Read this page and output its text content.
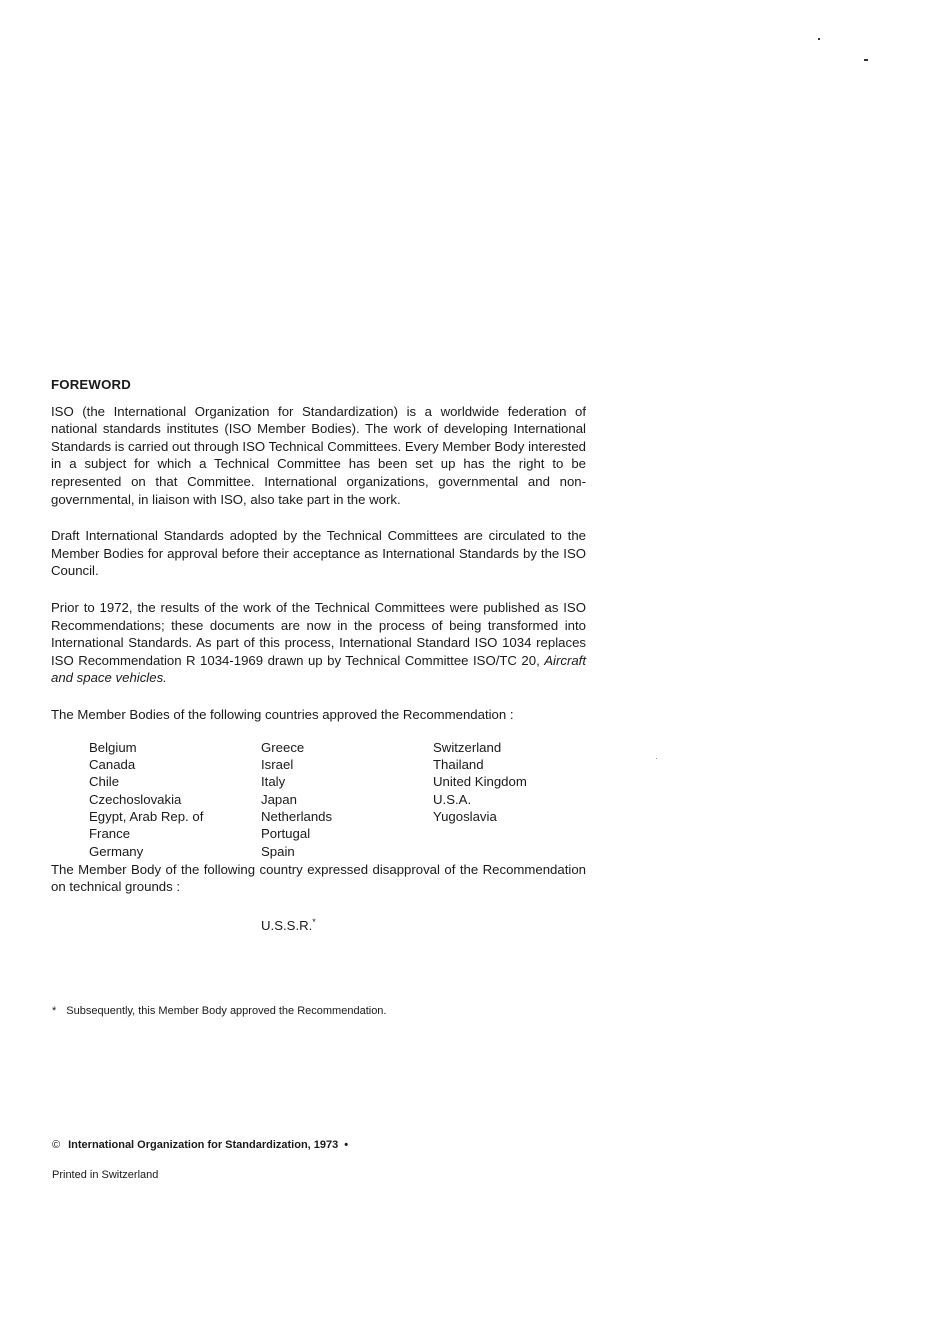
FOREWORD

ISO (the International Organization for Standardization) is a worldwide federation of national standards institutes (ISO Member Bodies). The work of developing International Standards is carried out through ISO Technical Committees. Every Member Body interested in a subject for which a Technical Committee has been set up has the right to be represented on that Committee. International organizations, governmental and non-governmental, in liaison with ISO, also take part in the work.

Draft International Standards adopted by the Technical Committees are circulated to the Member Bodies for approval before their acceptance as International Standards by the ISO Council.

Prior to 1972, the results of the work of the Technical Committees were published as ISO Recommendations; these documents are now in the process of being transformed into International Standards. As part of this process, International Standard ISO 1034 replaces ISO Recommendation R 1034-1969 drawn up by Technical Committee ISO/TC 20, Aircraft and space vehicles.

The Member Bodies of the following countries approved the Recommendation :

Belgium
Canada
Chile
Czechoslovakia
Egypt, Arab Rep. of
France
Germany
Greece
Israel
Italy
Japan
Netherlands
Portugal
Spain
Switzerland
Thailand
United Kingdom
U.S.A.
Yugoslavia

The Member Body of the following country expressed disapproval of the Recommendation on technical grounds :

U.S.S.R.*
* Subsequently, this Member Body approved the Recommendation.
© International Organization for Standardization, 1973 •
Printed in Switzerland
